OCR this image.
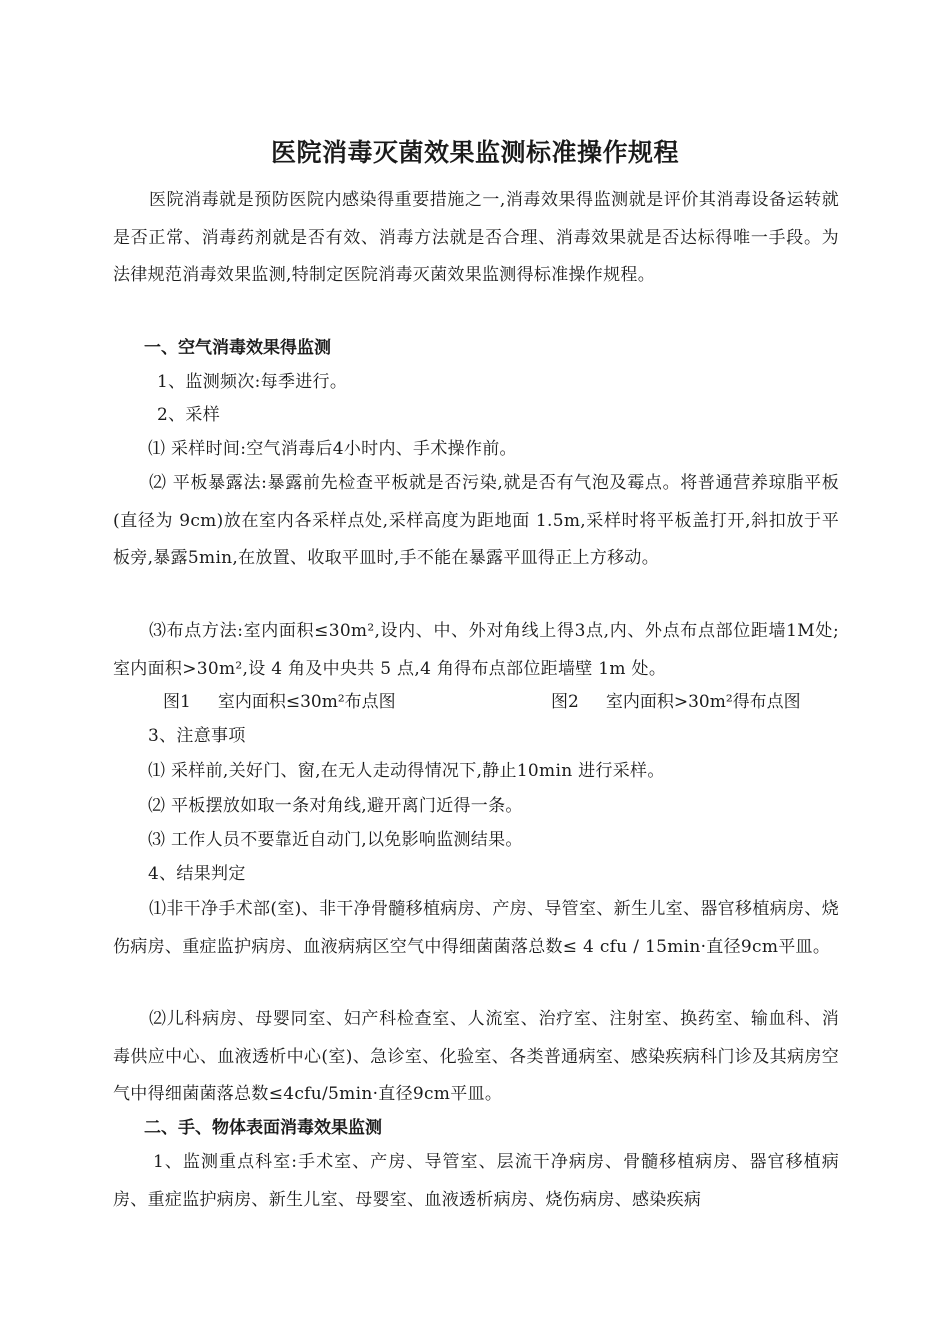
医院消毒灭菌效果监测标准操作规程
医院消毒就是预防医院内感染得重要措施之一,消毒效果得监测就是评价其消毒设备运转就是否正常、消毒药剂就是否有效、消毒方法就是否合理、消毒效果就是否达标得唯一手段。为法律规范消毒效果监测,特制定医院消毒灭菌效果监测得标准操作规程。
一、空气消毒效果得监测
1、监测频次:每季进行。
2、采样
⑴ 采样时间:空气消毒后4小时内、手术操作前。
⑵ 平板暴露法:暴露前先检查平板就是否污染,就是否有气泡及霉点。将普通营养琼脂平板(直径为 9cm)放在室内各采样点处,采样高度为距地面 1.5m,采样时将平板盖打开,斜扣放于平板旁,暴露5min,在放置、收取平皿时,手不能在暴露平皿得正上方移动。
⑶布点方法:室内面积≤30m²,设内、中、外对角线上得3点,内、外点布点部位距墙1M处;室内面积>30m²,设 4 角及中央共 5 点,4 角得布点部位距墙壁 1m 处。
图1     室内面积≤30m²布点图	图2     室内面积>30m²得布点图
3、注意事项
⑴ 采样前,关好门、窗,在无人走动得情况下,静止10min 进行采样。
⑵ 平板摆放如取一条对角线,避开离门近得一条。
⑶ 工作人员不要靠近自动门,以免影响监测结果。
4、结果判定
⑴非干净手术部(室)、非干净骨髓移植病房、产房、导管室、新生儿室、器官移植病房、烧伤病房、重症监护病房、血液病病区空气中得细菌菌落总数≤ 4 cfu / 15min·直径9cm平皿。
⑵儿科病房、母婴同室、妇产科检查室、人流室、治疗室、注射室、换药室、输血科、消毒供应中心、血液透析中心(室)、急诊室、化验室、各类普通病室、感染疾病科门诊及其病房空气中得细菌菌落总数≤4cfu/5min·直径9cm平皿。
二、手、物体表面消毒效果监测
1、监测重点科室:手术室、产房、导管室、层流干净病房、骨髓移植病房、器官移植病房、重症监护病房、新生儿室、母婴室、血液透析病房、烧伤病房、感染疾病
